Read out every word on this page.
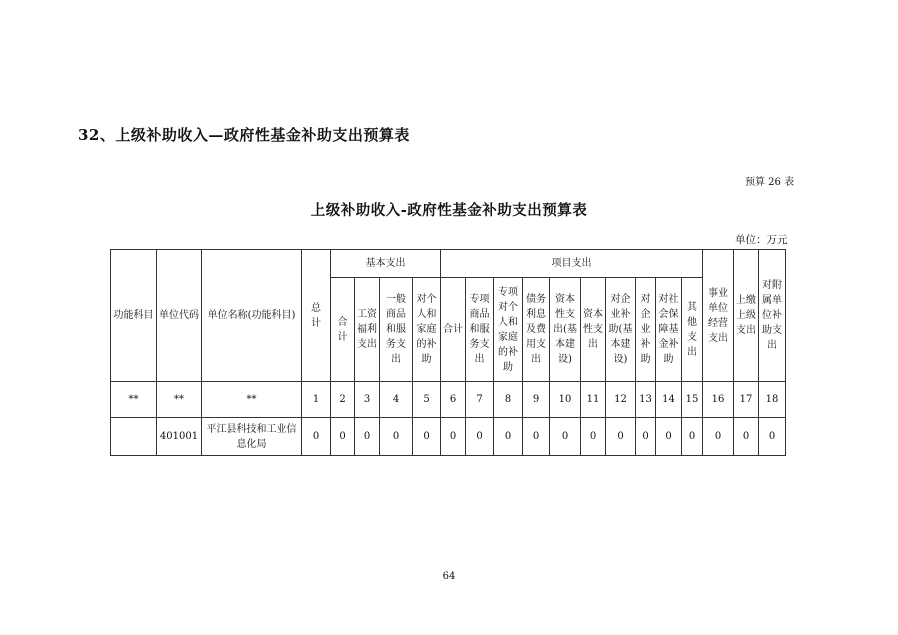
32、上级补助收入—政府性基金补助支出预算表
预算 26 表
上级补助收入-政府性基金补助支出预算表
单位：万元
功能科目	单位代码	单位名称(功能科目)	总计	基本支出				项目支出										事业单位经营支出	上缴上级支出	对附属单位补助支出

				合计	工资福利支出	一般商品和服务支出	对个人和家庭的补助	合计	专项商品和服务支出	专项对个人和家庭的补助	债务利息及费用支出	资本性支出(基本建设)	资本性支出	对企业补助(基本建设)	对企业补助	对社会保障基金补助	其他支出			

**	**	**	1	2	3	4	5	6	7	8	9	10	11	12	13	14	15	16	17	18
	401001	平江县科技和工业信息化局	0	0	0	0	0	0	0	0	0	0	0	0	0	0	0	0	0	0
64
